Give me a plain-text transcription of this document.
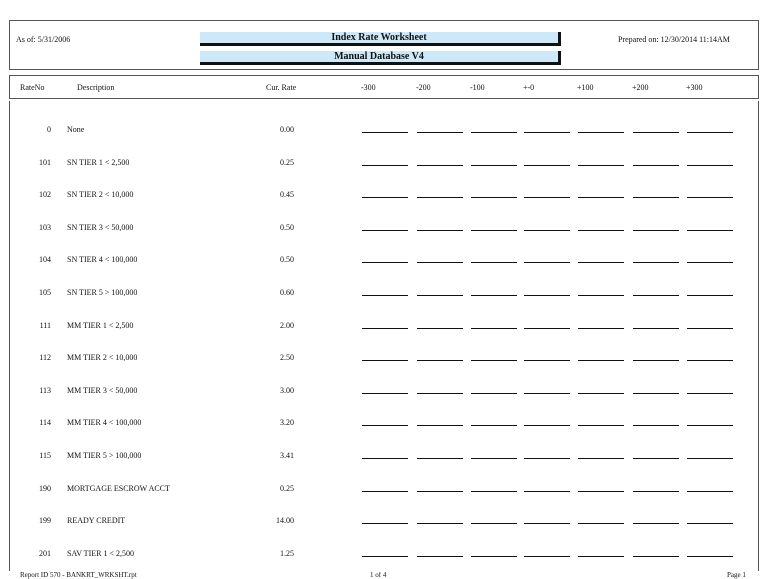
As of: 5/31/2006	Index Rate Worksheet
Manual Database V4
Prepared on: 12/30/2014 11:14AM
RateNo	Description	Cur. Rate	-300	-200	-100	+-0	+100	+200	+300
0 None	0.00
101 SN TIER 1 < 2,500	0.25
102 SN TIER 2 < 10,000	0.45
103 SN TIER 3 < 50,000	0.50
104 SN TIER 4 < 100,000	0.50
105 SN TIER 5 > 100,000	0.60
111 MM TIER 1 < 2,500	2.00
112 MM TIER 2 < 10,000	2.50
113 MM TIER 3 < 50,000	3.00
114 MM TIER 4 < 100,000	3.20
115 MM TIER 5 > 100,000	3.41
190 MORTGAGE ESCROW ACCT	0.25
199 READY CREDIT	14.00
201 SAV TIER 1 < 2,500	1.25
Report ID 570 - BANKRT_WRKSHT.rpt	1 of 4	Page 1
